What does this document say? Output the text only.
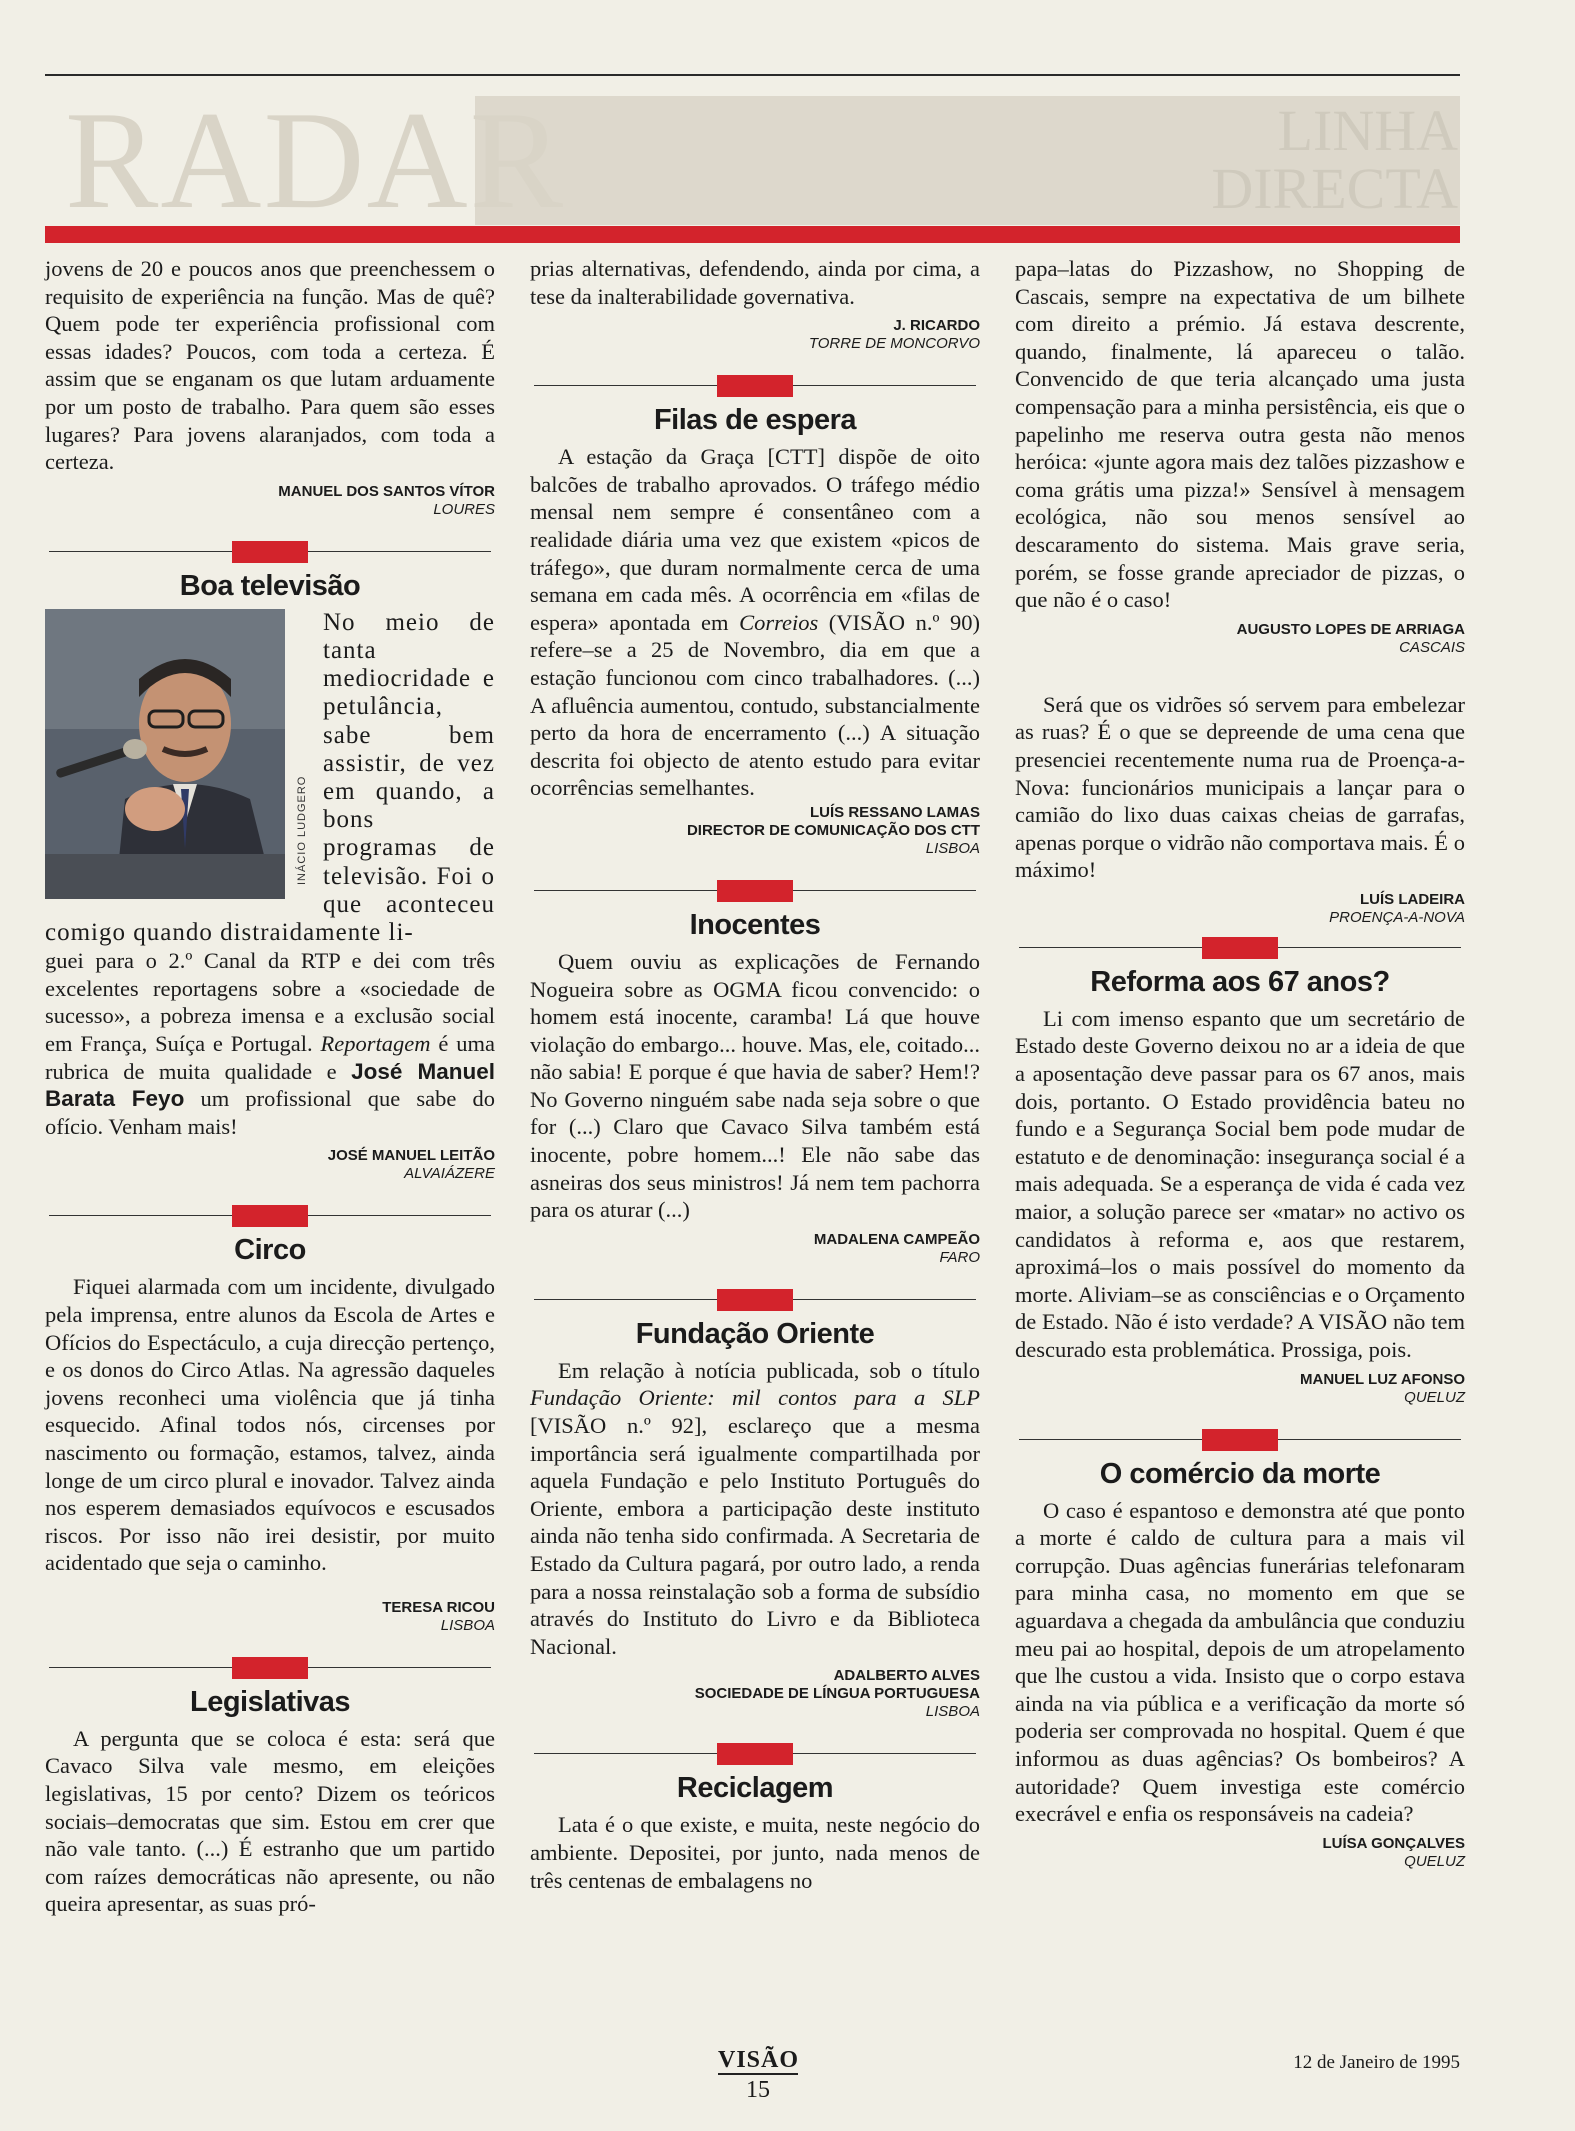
RADAR	LINHA
DIRECTA

jovens de 20 e poucos anos que preenchessem o requisito de experiência na função. Mas de quê? Quem pode ter experiência profissional com essas idades? Poucos, com toda a certeza. É assim que se enganam os que lutam arduamente por um posto de trabalho. Para quem são esses lugares? Para jovens alaranjados, com toda a certeza.

MANUEL DOS SANTOS VÍTOR
LOURES
Boa televisão
INÁCIO LUDGERO
No meio de tanta mediocridade e petulância, sabe bem assistir, de vez em quando, a bons programas de televisão. Foi o que aconteceu comigo quando distraidamente li-

guei para o 2.º Canal da RTP e dei com três excelentes reportagens sobre a «sociedade de sucesso», a pobreza imensa e a exclusão social em França, Suíça e Portugal. Reportagem é uma rubrica de muita qualidade e José Manuel Barata Feyo um profissional que sabe do ofício. Venham mais!

JOSÉ MANUEL LEITÃO
ALVAIÁZERE
Circo

Fiquei alarmada com um incidente, divulgado pela imprensa, entre alunos da Escola de Artes e Ofícios do Espectáculo, a cuja direcção pertenço, e os donos do Circo Atlas. Na agressão daqueles jovens reconheci uma violência que já tinha esquecido. Afinal todos nós, circenses por nascimento ou formação, estamos, talvez, ainda longe de um circo plural e inovador. Talvez ainda nos esperem demasiados equívocos e escusados riscos. Por isso não irei desistir, por muito acidentado que seja o caminho.

TERESA RICOU
LISBOA
Legislativas

A pergunta que se coloca é esta: será que Cavaco Silva vale mesmo, em eleições legislativas, 15 por cento? Dizem os teóricos sociais–democratas que sim. Estou em crer que não vale tanto. (...) É estranho que um partido com raízes democráticas não apresente, ou não queira apresentar, as suas pró-

prias alternativas, defendendo, ainda por cima, a tese da inalterabilidade governativa.

J. RICARDO
TORRE DE MONCORVO
Filas de espera

A estação da Graça [CTT] dispõe de oito balcões de trabalho aprovados. O tráfego médio mensal nem sempre é consentâneo com a realidade diária uma vez que existem «picos de tráfego», que duram normalmente cerca de uma semana em cada mês. A ocorrência em «filas de espera» apontada em Correios (VISÃO n.º 90) refere–se a 25 de Novembro, dia em que a estação funcionou com cinco trabalhadores. (...) A afluência aumentou, contudo, substancialmente perto da hora de encerramento (...) A situação descrita foi objecto de atento estudo para evitar ocorrências semelhantes.

LUÍS RESSANO LAMAS
DIRECTOR DE COMUNICAÇÃO DOS CTT
LISBOA
Inocentes

Quem ouviu as explicações de Fernando Nogueira sobre as OGMA ficou convencido: o homem está inocente, caramba! Lá que houve violação do embargo... houve. Mas, ele, coitado... não sabia! E porque é que havia de saber? Hem!? No Governo ninguém sabe nada seja sobre o que for (...) Claro que Cavaco Silva também está inocente, pobre homem...! Ele não sabe das asneiras dos seus ministros! Já nem tem pachorra para os aturar (...)

MADALENA CAMPEÃO
FARO
Fundação Oriente

Em relação à notícia publicada, sob o título Fundação Oriente: mil contos para a SLP [VISÃO n.º 92], esclareço que a mesma importância será igualmente compartilhada por aquela Fundação e pelo Instituto Português do Oriente, embora a participação deste instituto ainda não tenha sido confirmada. A Secretaria de Estado da Cultura pagará, por outro lado, a renda para a nossa reinstalação sob a forma de subsídio através do Instituto do Livro e da Biblioteca Nacional.

ADALBERTO ALVES
SOCIEDADE DE LÍNGUA PORTUGUESA
LISBOA
Reciclagem

Lata é o que existe, e muita, neste negócio do ambiente. Depositei, por junto, nada menos de três centenas de embalagens no

papa–latas do Pizzashow, no Shopping de Cascais, sempre na expectativa de um bilhete com direito a prémio. Já estava descrente, quando, finalmente, lá apareceu o talão. Convencido de que teria alcançado uma justa compensação para a minha persistência, eis que o papelinho me reserva outra gesta não menos heróica: «junte agora mais dez talões pizzashow e coma grátis uma pizza!» Sensível à mensagem ecológica, não sou menos sensível ao descaramento do sistema. Mais grave seria, porém, se fosse grande apreciador de pizzas, o que não é o caso!

AUGUSTO LOPES DE ARRIAGA
CASCAIS

Será que os vidrões só servem para embelezar as ruas? É o que se depreende de uma cena que presenciei recentemente numa rua de Proença-a-Nova: funcionários municipais a lançar para o camião do lixo duas caixas cheias de garrafas, apenas porque o vidrão não comportava mais. É o máximo!

LUÍS LADEIRA
PROENÇA-A-NOVA
Reforma aos 67 anos?

Li com imenso espanto que um secretário de Estado deste Governo deixou no ar a ideia de que a aposentação deve passar para os 67 anos, mais dois, portanto. O Estado providência bateu no fundo e a Segurança Social bem pode mudar de estatuto e de denominação: insegurança social é a mais adequada. Se a esperança de vida é cada vez maior, a solução parece ser «matar» no activo os candidatos à reforma e, aos que restarem, aproximá–los o mais possível do momento da morte. Aliviam–se as consciências e o Orçamento de Estado. Não é isto verdade? A VISÃO não tem descurado esta problemática. Prossiga, pois.

MANUEL LUZ AFONSO
QUELUZ
O comércio da morte

O caso é espantoso e demonstra até que ponto a morte é caldo de cultura para a mais vil corrupção. Duas agências funerárias telefonaram para minha casa, no momento em que se aguardava a chegada da ambulância que conduziu meu pai ao hospital, depois de um atropelamento que lhe custou a vida. Insisto que o corpo estava ainda na via pública e a verificação da morte só poderia ser comprovada no hospital. Quem é que informou as duas agências? Os bombeiros? A autoridade? Quem investiga este comércio execrável e enfia os responsáveis na cadeia?

LUÍSA GONÇALVES
QUELUZ
VISÃO
15
12 de Janeiro de 1995
